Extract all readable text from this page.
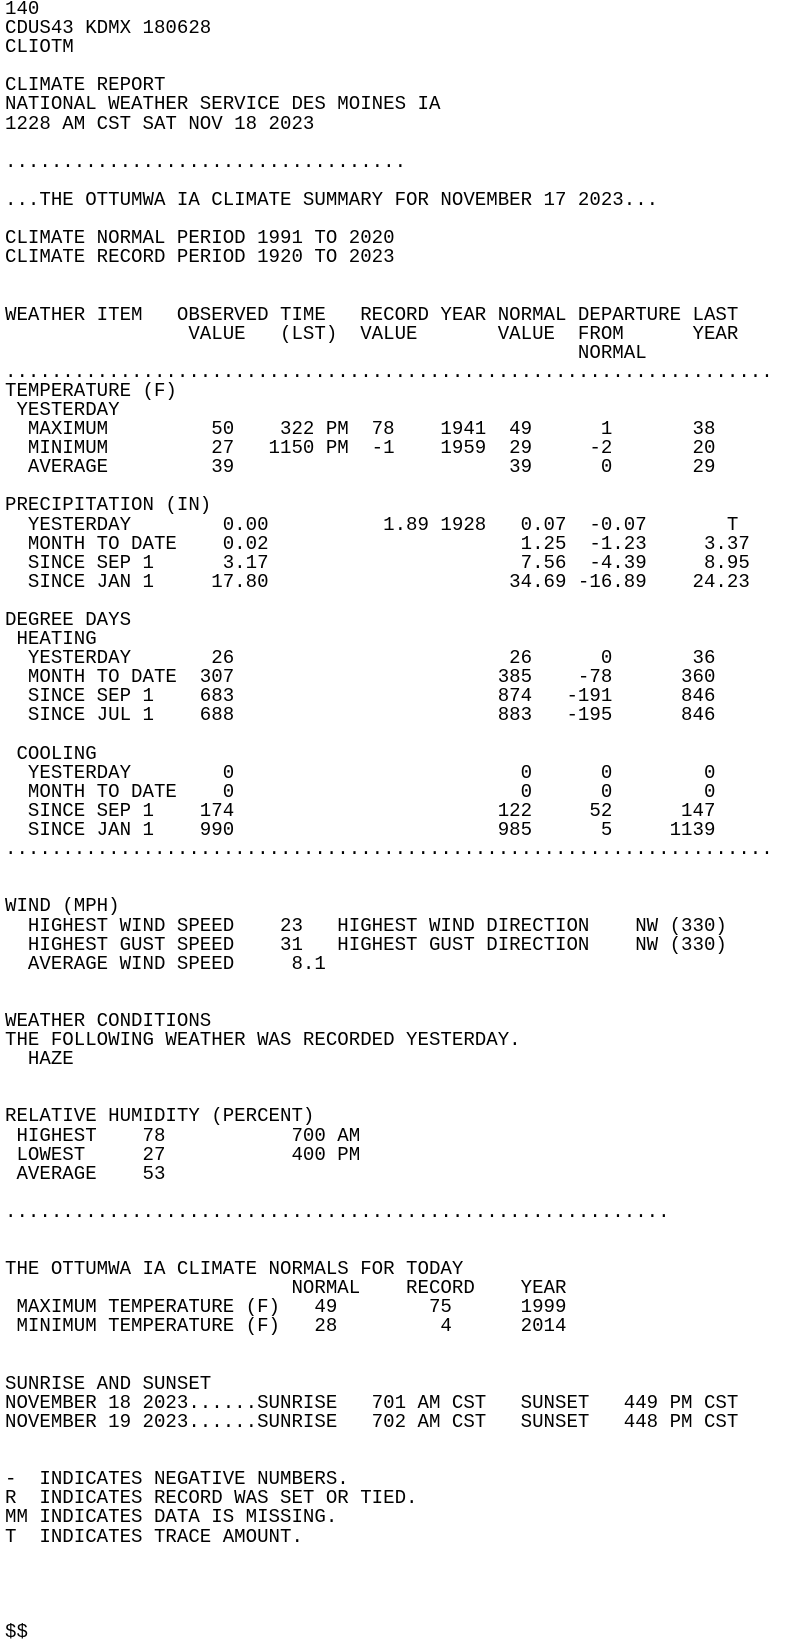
140
CDUS43 KDMX 180628
CLIOTM
CLIMATE REPORT
NATIONAL WEATHER SERVICE DES MOINES IA
1228 AM CST SAT NOV 18 2023
...................................
...THE OTTUMWA IA CLIMATE SUMMARY FOR NOVEMBER 17 2023...
CLIMATE NORMAL PERIOD 1991 TO 2020
CLIMATE RECORD PERIOD 1920 TO 2023
WEATHER ITEM   OBSERVED TIME   RECORD YEAR NORMAL DEPARTURE LAST
VALUE   (LST)  VALUE       VALUE  FROM      YEAR
NORMAL
...................................................................
TEMPERATURE (F)
YESTERDAY
MAXIMUM         50    322 PM  78    1941  49      1       38
MINIMUM         27   1150 PM  -1    1959  29     -2       20
AVERAGE         39                        39      0       29
PRECIPITATION (IN)
YESTERDAY        0.00          1.89 1928   0.07  -0.07       T
MONTH TO DATE    0.02                      1.25  -1.23     3.37
SINCE SEP 1      3.17                      7.56  -4.39     8.95
SINCE JAN 1     17.80                     34.69 -16.89    24.23
DEGREE DAYS
HEATING
YESTERDAY       26                        26      0       36
MONTH TO DATE  307                       385    -78      360
SINCE SEP 1    683                       874   -191      846
SINCE JUL 1    688                       883   -195      846
COOLING
YESTERDAY        0                         0      0        0
MONTH TO DATE    0                         0      0        0
SINCE SEP 1    174                       122     52      147
SINCE JAN 1    990                       985      5     1139
...................................................................
WIND (MPH)
HIGHEST WIND SPEED    23   HIGHEST WIND DIRECTION    NW (330)
HIGHEST GUST SPEED    31   HIGHEST GUST DIRECTION    NW (330)
AVERAGE WIND SPEED     8.1
WEATHER CONDITIONS
THE FOLLOWING WEATHER WAS RECORDED YESTERDAY.
HAZE
RELATIVE HUMIDITY (PERCENT)
HIGHEST    78           700 AM
LOWEST     27           400 PM
AVERAGE    53
..........................................................
THE OTTUMWA IA CLIMATE NORMALS FOR TODAY
NORMAL    RECORD    YEAR
MAXIMUM TEMPERATURE (F)   49        75      1999
MINIMUM TEMPERATURE (F)   28         4      2014
SUNRISE AND SUNSET
NOVEMBER 18 2023......SUNRISE   701 AM CST   SUNSET   449 PM CST
NOVEMBER 19 2023......SUNRISE   702 AM CST   SUNSET   448 PM CST
-  INDICATES NEGATIVE NUMBERS.
R  INDICATES RECORD WAS SET OR TIED.
MM INDICATES DATA IS MISSING.
T  INDICATES TRACE AMOUNT.
$$
